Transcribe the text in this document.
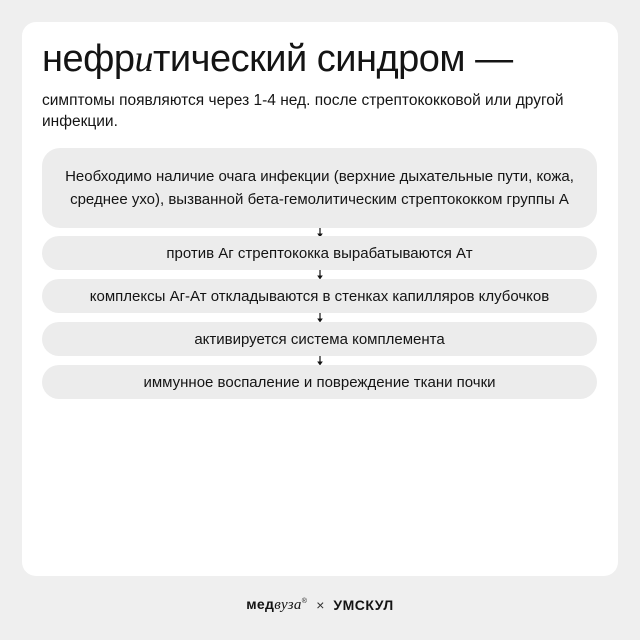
нефритический синдром —

симптомы появляются через 1-4 нед. после стрептококковой или другой инфекции.

Необходимо наличие очага инфекции (верхние дыхательные пути, кожа, среднее ухо), вызванной бета-гемолитическим стрептококком группы А
против Аг стрептококка вырабатываются Ат
комплексы Аг-Ат откладываются в стенках капилляров клубочков
активируется система комплемента
иммунное воспаление и повреждение ткани почки
медвуза® × УМСКУЛ
